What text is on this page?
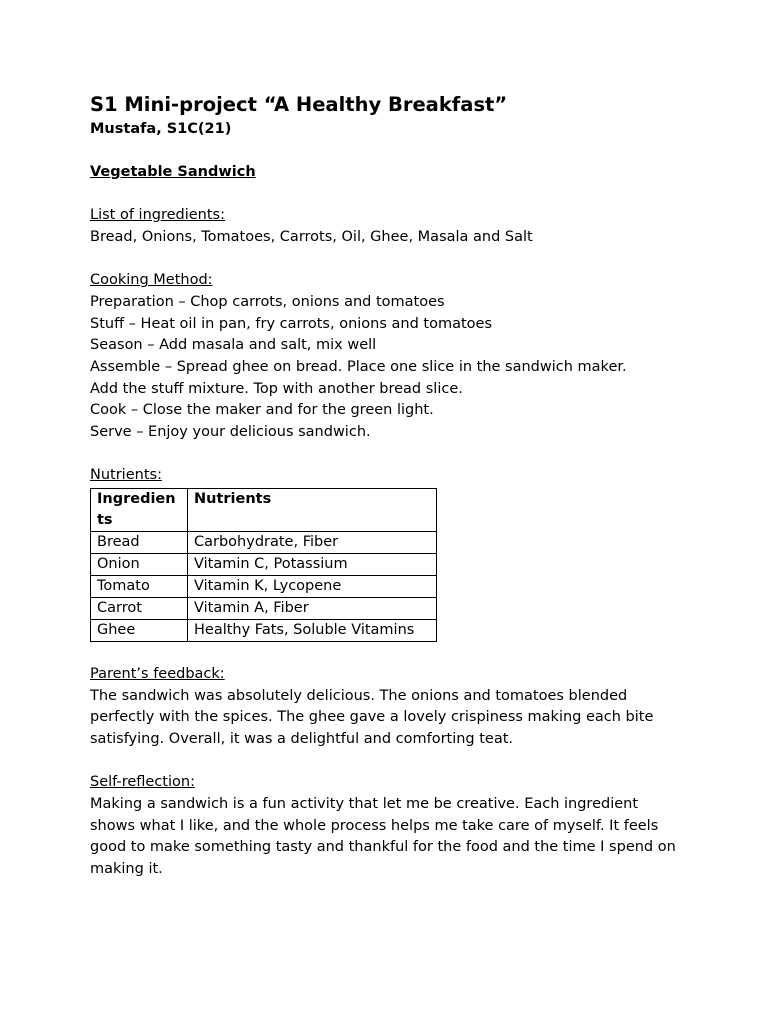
S1 Mini-project “A Healthy Breakfast”

Mustafa, S1C(21)

Vegetable Sandwich

List of ingredients:

Bread, Onions, Tomatoes, Carrots, Oil, Ghee, Masala and Salt

Cooking Method:

Preparation – Chop carrots, onions and tomatoes

Stuff – Heat oil in pan, fry carrots, onions and tomatoes

Season – Add masala and salt, mix well

Assemble – Spread ghee on bread. Place one slice in the sandwich maker.

Add the stuff mixture. Top with another bread slice.

Cook – Close the maker and for the green light.

Serve – Enjoy your delicious sandwich.

Nutrients:

Ingredients	Nutrients
Bread	Carbohydrate, Fiber
Onion	Vitamin C, Potassium
Tomato	Vitamin K, Lycopene
Carrot	Vitamin A, Fiber
Ghee	Healthy Fats, Soluble Vitamins

Parent’s feedback:

The sandwich was absolutely delicious. The onions and tomatoes blended perfectly with the spices. The ghee gave a lovely crispiness making each bite satisfying. Overall, it was a delightful and comforting teat.

Self-reflection:

Making a sandwich is a fun activity that let me be creative. Each ingredient shows what I like, and the whole process helps me take care of myself. It feels good to make something tasty and thankful for the food and the time I spend on making it.
